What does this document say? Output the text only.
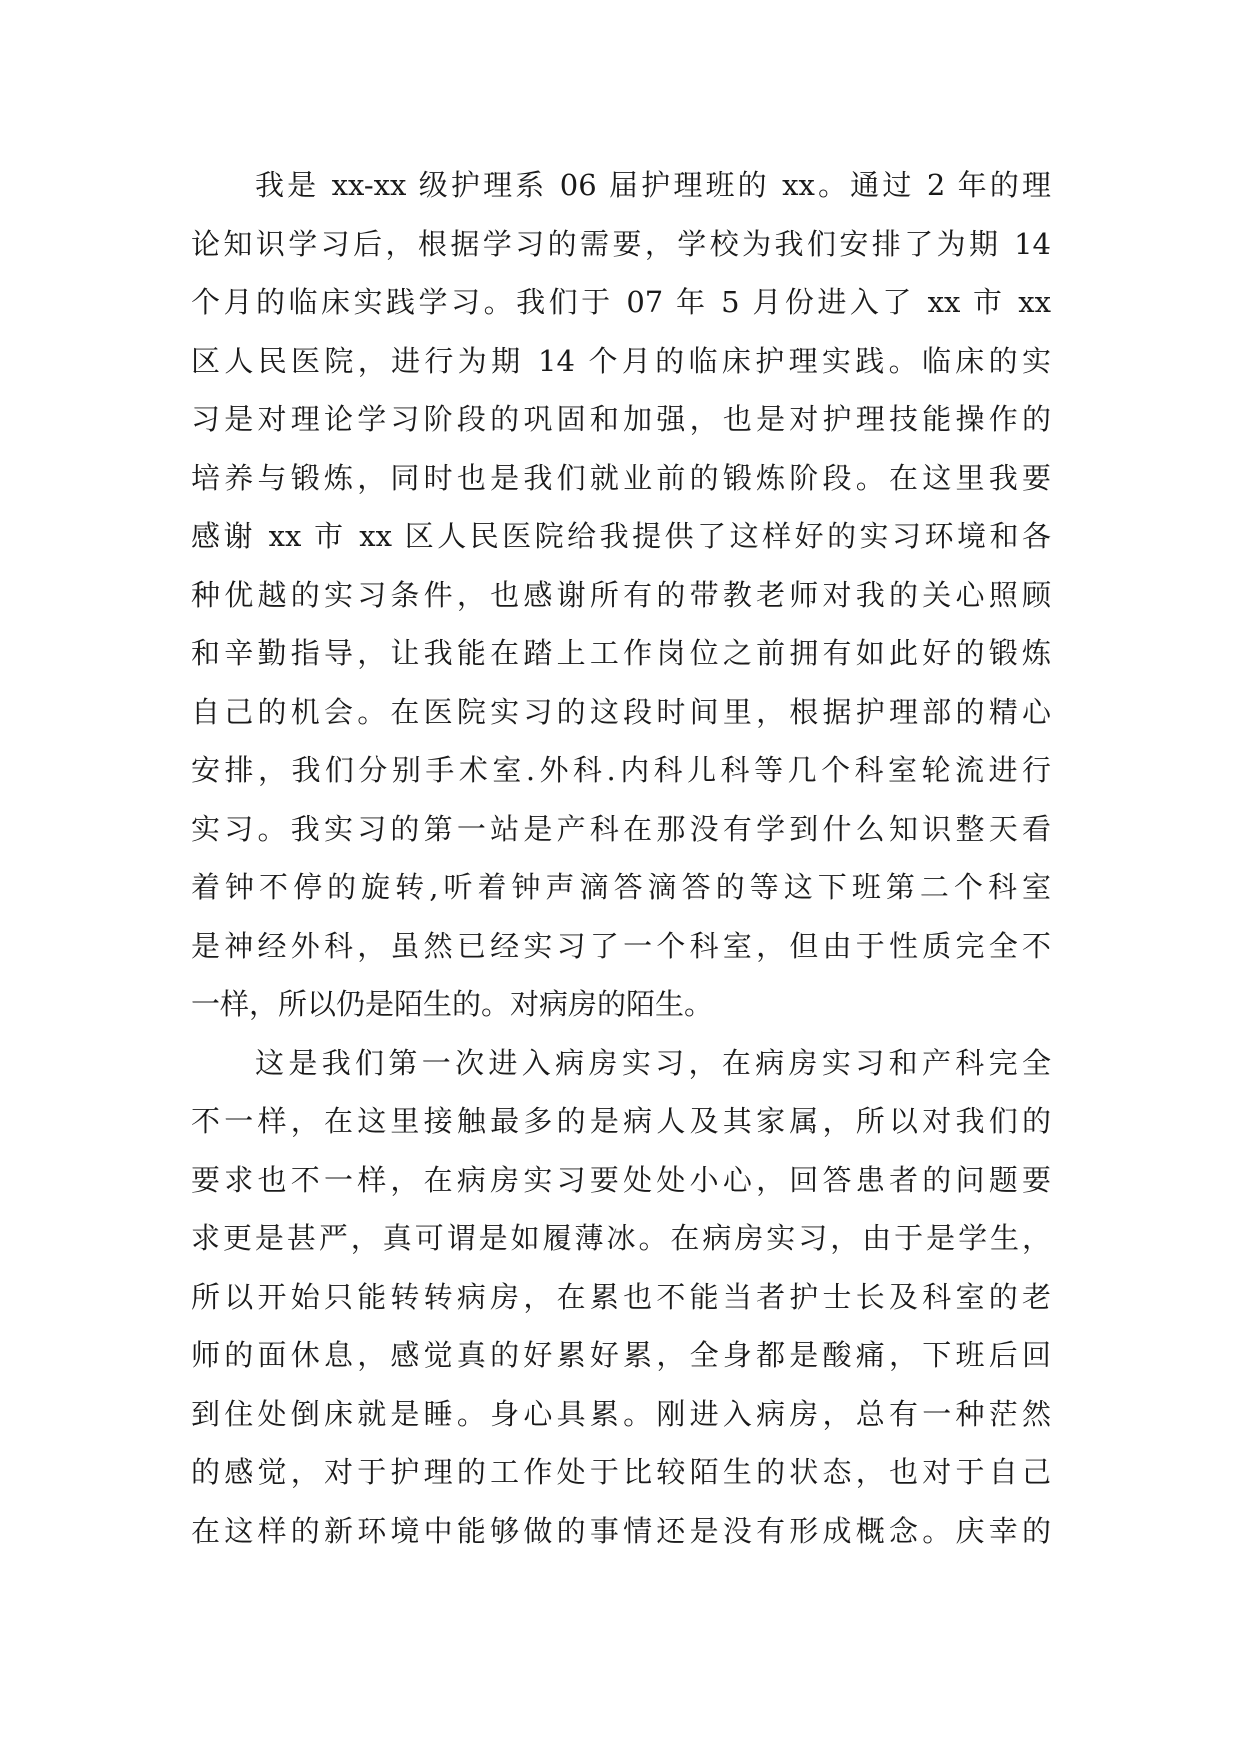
我是 xx-xx 级护理系 06 届护理班的 xx。通过 2 年的理
论知识学习后，根据学习的需要，学校为我们安排了为期 14
个月的临床实践学习。我们于 07 年 5 月份进入了 xx 市 xx
区人民医院，进行为期 14 个月的临床护理实践。临床的实
习是对理论学习阶段的巩固和加强，也是对护理技能操作的
培养与锻炼，同时也是我们就业前的锻炼阶段。在这里我要
感谢 xx 市 xx 区人民医院给我提供了这样好的实习环境和各
种优越的实习条件，也感谢所有的带教老师对我的关心照顾
和辛勤指导，让我能在踏上工作岗位之前拥有如此好的锻炼
自己的机会。在医院实习的这段时间里，根据护理部的精心
安排，我们分别手术室.外科.内科儿科等几个科室轮流进行
实习。我实习的第一站是产科在那没有学到什么知识整天看
着钟不停的旋转,听着钟声滴答滴答的等这下班第二个科室
是神经外科，虽然已经实习了一个科室，但由于性质完全不
一样，所以仍是陌生的。对病房的陌生。
这是我们第一次进入病房实习，在病房实习和产科完全
不一样，在这里接触最多的是病人及其家属，所以对我们的
要求也不一样，在病房实习要处处小心，回答患者的问题要
求更是甚严，真可谓是如履薄冰。在病房实习，由于是学生，
所以开始只能转转病房，在累也不能当者护士长及科室的老
师的面休息，感觉真的好累好累，全身都是酸痛，下班后回
到住处倒床就是睡。身心具累。刚进入病房，总有一种茫然
的感觉，对于护理的工作处于比较陌生的状态，也对于自己
在这样的新环境中能够做的事情还是没有形成概念。庆幸的
